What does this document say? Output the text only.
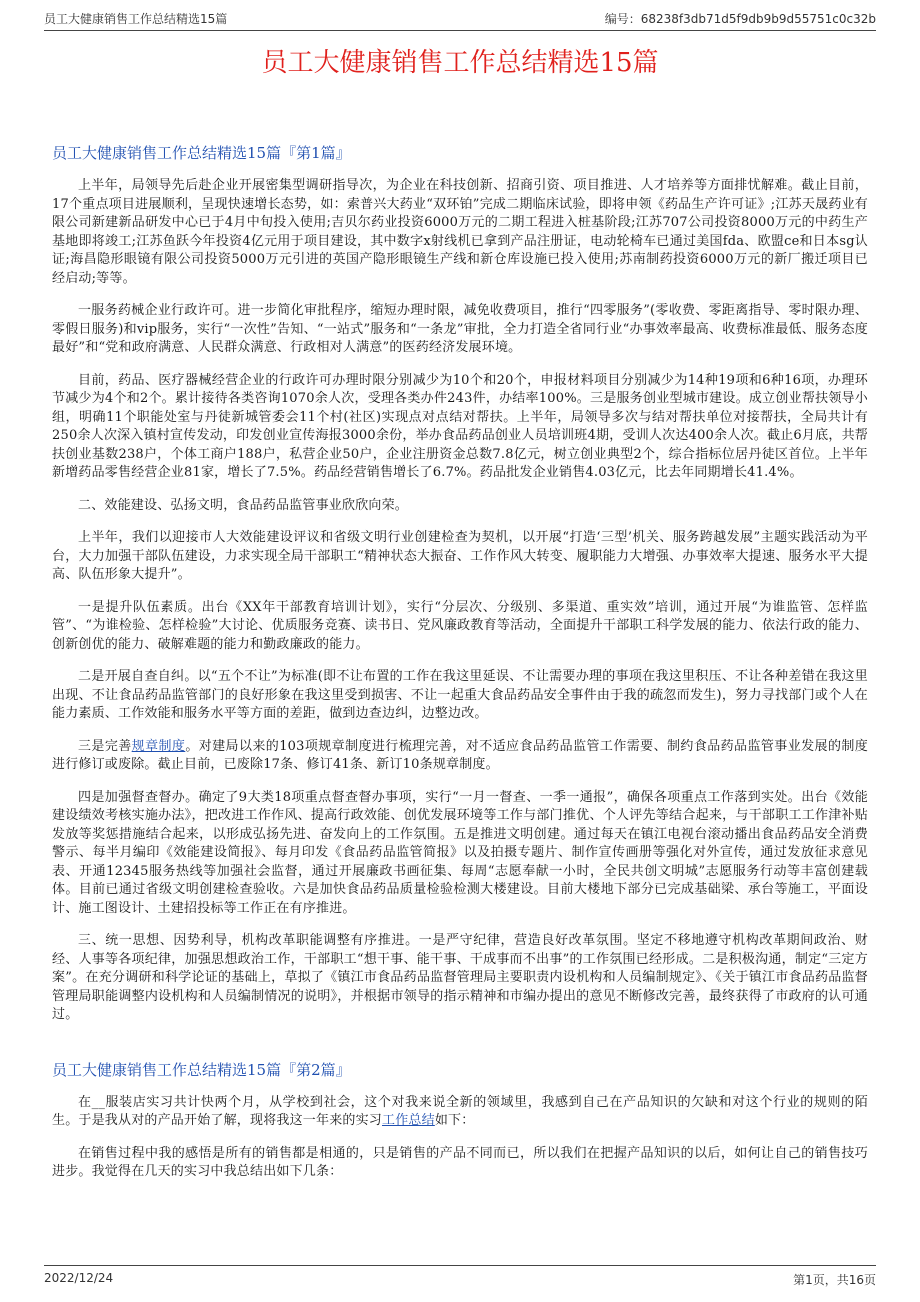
员工大健康销售工作总结精选15篇	编号：68238f3db71d5f9db9b9d55751c0c32b
员工大健康销售工作总结精选15篇
员工大健康销售工作总结精选15篇『第1篇』

上半年，局领导先后赴企业开展密集型调研指导次，为企业在科技创新、招商引资、项目推进、人才培养等方面排忧解难。截止目前，17个重点项目进展顺利，呈现快速增长态势，如：索普兴大药业“双环铂”完成二期临床试验，即将申领《药品生产许可证》;江苏天晟药业有限公司新建新品研发中心已于4月中旬投入使用;吉贝尔药业投资6000万元的二期工程进入桩基阶段;江苏707公司投资8000万元的中药生产基地即将竣工;江苏鱼跃今年投资4亿元用于项目建设，其中数字x射线机已拿到产品注册证，电动轮椅车已通过美国fda、欧盟ce和日本sg认证;海昌隐形眼镜有限公司投资5000万元引进的英国产隐形眼镜生产线和新仓库设施已投入使用;苏南制药投资6000万元的新厂搬迁项目已经启动;等等。

一服务药械企业行政许可。进一步简化审批程序，缩短办理时限，减免收费项目，推行“四零服务”(零收费、零距离指导、零时限办理、零假日服务)和vip服务，实行“一次性”告知、“一站式”服务和“一条龙”审批，全力打造全省同行业“办事效率最高、收费标准最低、服务态度最好”和“党和政府满意、人民群众满意、行政相对人满意”的医药经济发展环境。

目前，药品、医疗器械经营企业的行政许可办理时限分别减少为10个和20个，申报材料项目分别减少为14种19项和6种16项，办理环节减少为4个和2个。累计接待各类咨询1070余人次，受理各类办件243件，办结率100%。三是服务创业型城市建设。成立创业帮扶领导小组，明确11个职能处室与丹徒新城管委会11个村(社区)实现点对点结对帮扶。上半年，局领导多次与结对帮扶单位对接帮扶，全局共计有250余人次深入镇村宣传发动，印发创业宣传海报3000余份，举办食品药品创业人员培训班4期，受训人次达400余人次。截止6月底，共帮扶创业基数238户，个体工商户188户，私营企业50户，企业注册资金总数7.8亿元，树立创业典型2个，综合指标位居丹徒区首位。上半年新增药品零售经营企业81家，增长了7.5%。药品经营销售增长了6.7%。药品批发企业销售4.03亿元，比去年同期增长41.4%。

二、效能建设、弘扬文明，食品药品监管事业欣欣向荣。

上半年，我们以迎接市人大效能建设评议和省级文明行业创建检查为契机，以开展“打造‘三型’机关、服务跨越发展”主题实践活动为平台，大力加强干部队伍建设，力求实现全局干部职工“精神状态大振奋、工作作风大转变、履职能力大增强、办事效率大提速、服务水平大提高、队伍形象大提升”。

一是提升队伍素质。出台《XX年干部教育培训计划》，实行“分层次、分级别、多渠道、重实效”培训，通过开展“为谁监管、怎样监管”、“为谁检验、怎样检验”大讨论、优质服务竞赛、读书日、党风廉政教育等活动，全面提升干部职工科学发展的能力、依法行政的能力、创新创优的能力、破解难题的能力和勤政廉政的能力。

二是开展自查自纠。以“五个不让”为标准(即不让布置的工作在我这里延误、不让需要办理的事项在我这里积压、不让各种差错在我这里出现、不让食品药品监管部门的良好形象在我这里受到损害、不让一起重大食品药品安全事件由于我的疏忽而发生)，努力寻找部门或个人在能力素质、工作效能和服务水平等方面的差距，做到边查边纠，边整边改。

三是完善规章制度。对建局以来的103项规章制度进行梳理完善，对不适应食品药品监管工作需要、制约食品药品监管事业发展的制度进行修订或废除。截止目前，已废除17条、修订41条、新订10条规章制度。

四是加强督查督办。确定了9大类18项重点督查督办事项，实行“一月一督查、一季一通报”，确保各项重点工作落到实处。出台《效能建设绩效考核实施办法》，把改进工作作风、提高行政效能、创优发展环境等工作与部门推优、个人评先等结合起来，与干部职工工作津补贴发放等奖惩措施结合起来，以形成弘扬先进、奋发向上的工作氛围。五是推进文明创建。通过每天在镇江电视台滚动播出食品药品安全消费警示、每半月编印《效能建设简报》、每月印发《食品药品监管简报》以及拍摄专题片、制作宣传画册等强化对外宣传，通过发放征求意见表、开通12345服务热线等加强社会监督，通过开展廉政书画征集、每周“志愿奉献一小时，全民共创文明城”志愿服务行动等丰富创建载体。目前已通过省级文明创建检查验收。六是加快食品药品质量检验检测大楼建设。目前大楼地下部分已完成基础梁、承台等施工，平面设计、施工图设计、土建招投标等工作正在有序推进。

三、统一思想、因势利导，机构改革职能调整有序推进。一是严守纪律，营造良好改革氛围。坚定不移地遵守机构改革期间政治、财经、人事等各项纪律，加强思想政治工作，干部职工“想干事、能干事、干成事而不出事”的工作氛围已经形成。二是积极沟通，制定“三定方案”。在充分调研和科学论证的基础上，草拟了《镇江市食品药品监督管理局主要职责内设机构和人员编制规定》、《关于镇江市食品药品监督管理局职能调整内设机构和人员编制情况的说明》，并根据市领导的指示精神和市编办提出的意见不断修改完善，最终获得了市政府的认可通过。

员工大健康销售工作总结精选15篇『第2篇』

在__服装店实习共计快两个月，从学校到社会，这个对我来说全新的领域里，我感到自己在产品知识的欠缺和对这个行业的规则的陌生。于是我从对的产品开始了解，现将我这一年来的实习工作总结如下：

在销售过程中我的感悟是所有的销售都是相通的，只是销售的产品不同而已，所以我们在把握产品知识的以后，如何让自己的销售技巧进步。我觉得在几天的实习中我总结出如下几条：

2022/12/24	第1页，共16页
